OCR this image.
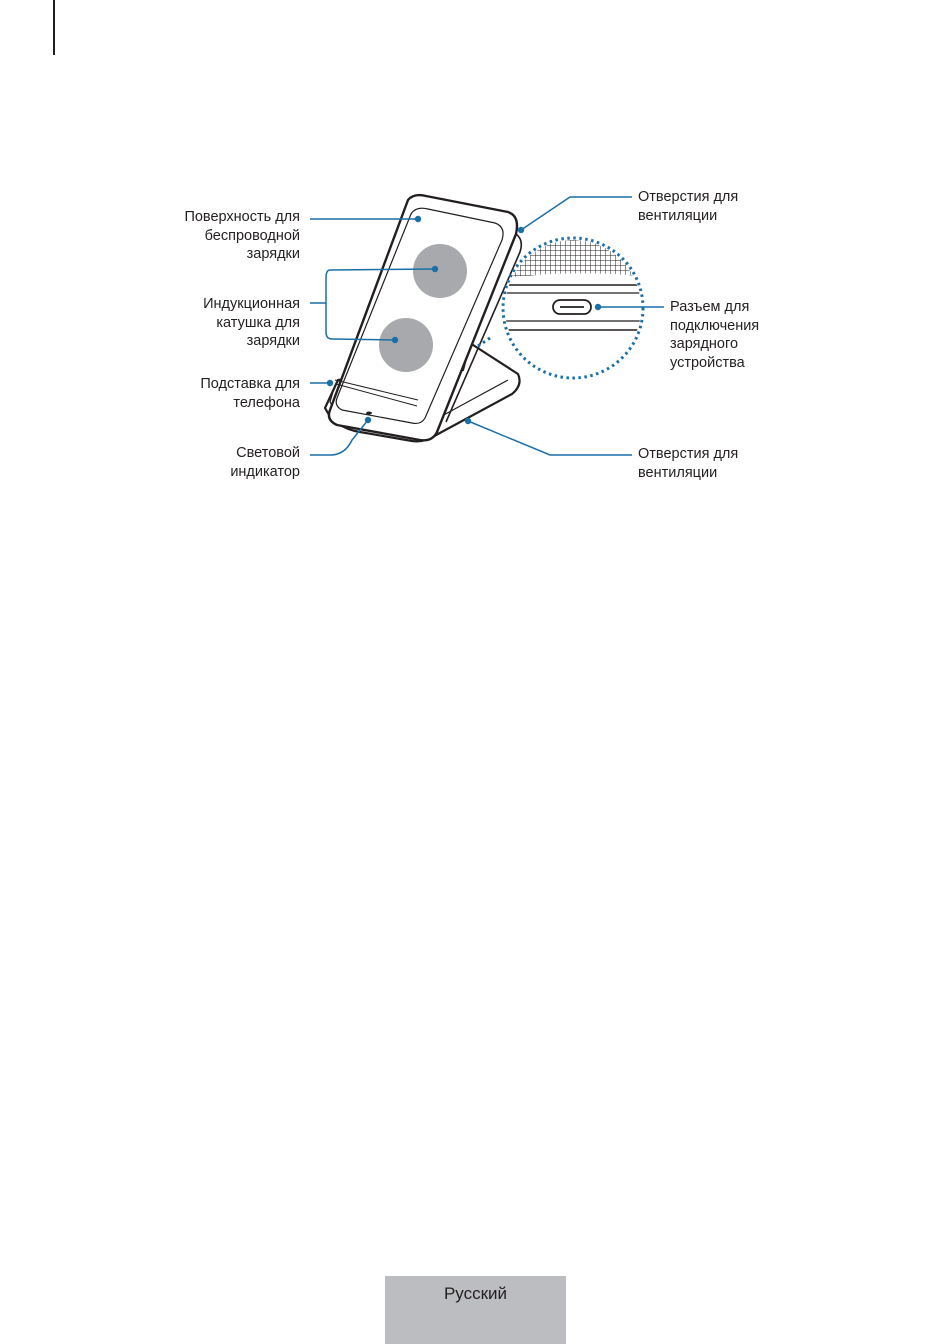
Поверхность для
беспроводной
зарядки
Индукционная
катушка для
зарядки
Подставка для
телефона
Световой
индикатор
Отверстия для
вентиляции
Разъем для
подключения
зарядного
устройства
Отверстия для
вентиляции
Русский
